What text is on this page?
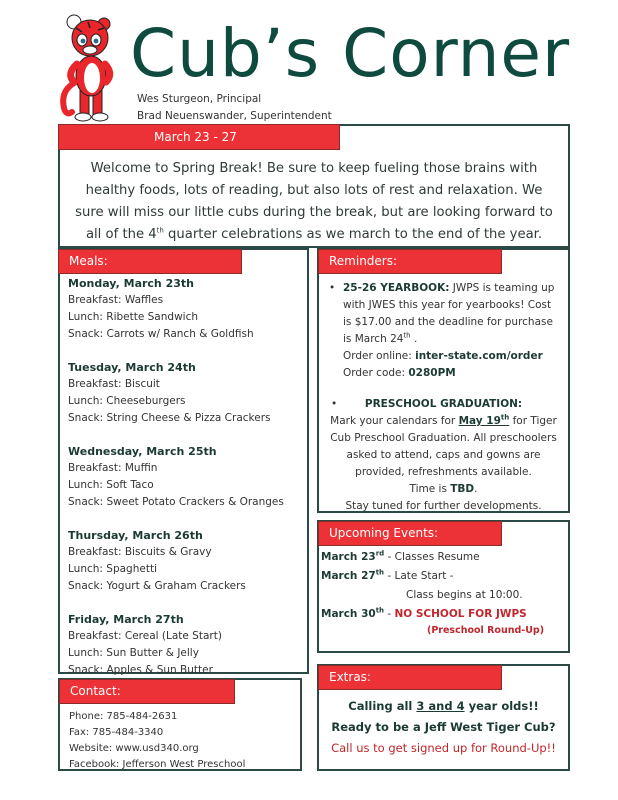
Cub’s Corner
Wes Sturgeon, Principal
Brad Neuenswander, Superintendent
March 23 - 27
Welcome to Spring Break! Be sure to keep fueling those brains with
healthy foods, lots of reading, but also lots of rest and relaxation. We
sure will miss our little cubs during the break, but are looking forward to
all of the 4th quarter celebrations as we march to the end of the year.
Meals:
Monday, March 23th
Breakfast: Waffles
Lunch: Ribette Sandwich
Snack: Carrots w/ Ranch & Goldfish
Tuesday, March 24th
Breakfast: Biscuit
Lunch: Cheeseburgers
Snack: String Cheese & Pizza Crackers
Wednesday, March 25th
Breakfast: Muffin
Lunch: Soft Taco
Snack: Sweet Potato Crackers & Oranges
Thursday, March 26th
Breakfast: Biscuits & Gravy
Lunch: Spaghetti
Snack: Yogurt & Graham Crackers
Friday, March 27th
Breakfast: Cereal (Late Start)
Lunch: Sun Butter & Jelly
Snack: Apples & Sun Butter
Reminders:
• 25-26 YEARBOOK: JWPS is teaming up with JWES this year for yearbooks! Cost is $17.00 and the deadline for purchase is March 24th .
Order online: inter-state.com/order
Order code: 0280PM
•	PRESCHOOL GRADUATION:
Mark your calendars for May 19th for Tiger Cub Preschool Graduation. All preschoolers asked to attend, caps and gowns are provided, refreshments available.
Time is TBD.
Stay tuned for further developments.
Upcoming Events:
March 23rd - Classes Resume
March 27th - Late Start -
Class begins at 10:00.
March 30th - NO SCHOOL FOR JWPS
(Preschool Round-Up)
Extras:
Calling all 3 and 4 year olds!!
Ready to be a Jeff West Tiger Cub?
Call us to get signed up for Round-Up!!
Contact:
Phone: 785-484-2631
Fax: 785-484-3340
Website: www.usd340.org
Facebook: Jefferson West Preschool
